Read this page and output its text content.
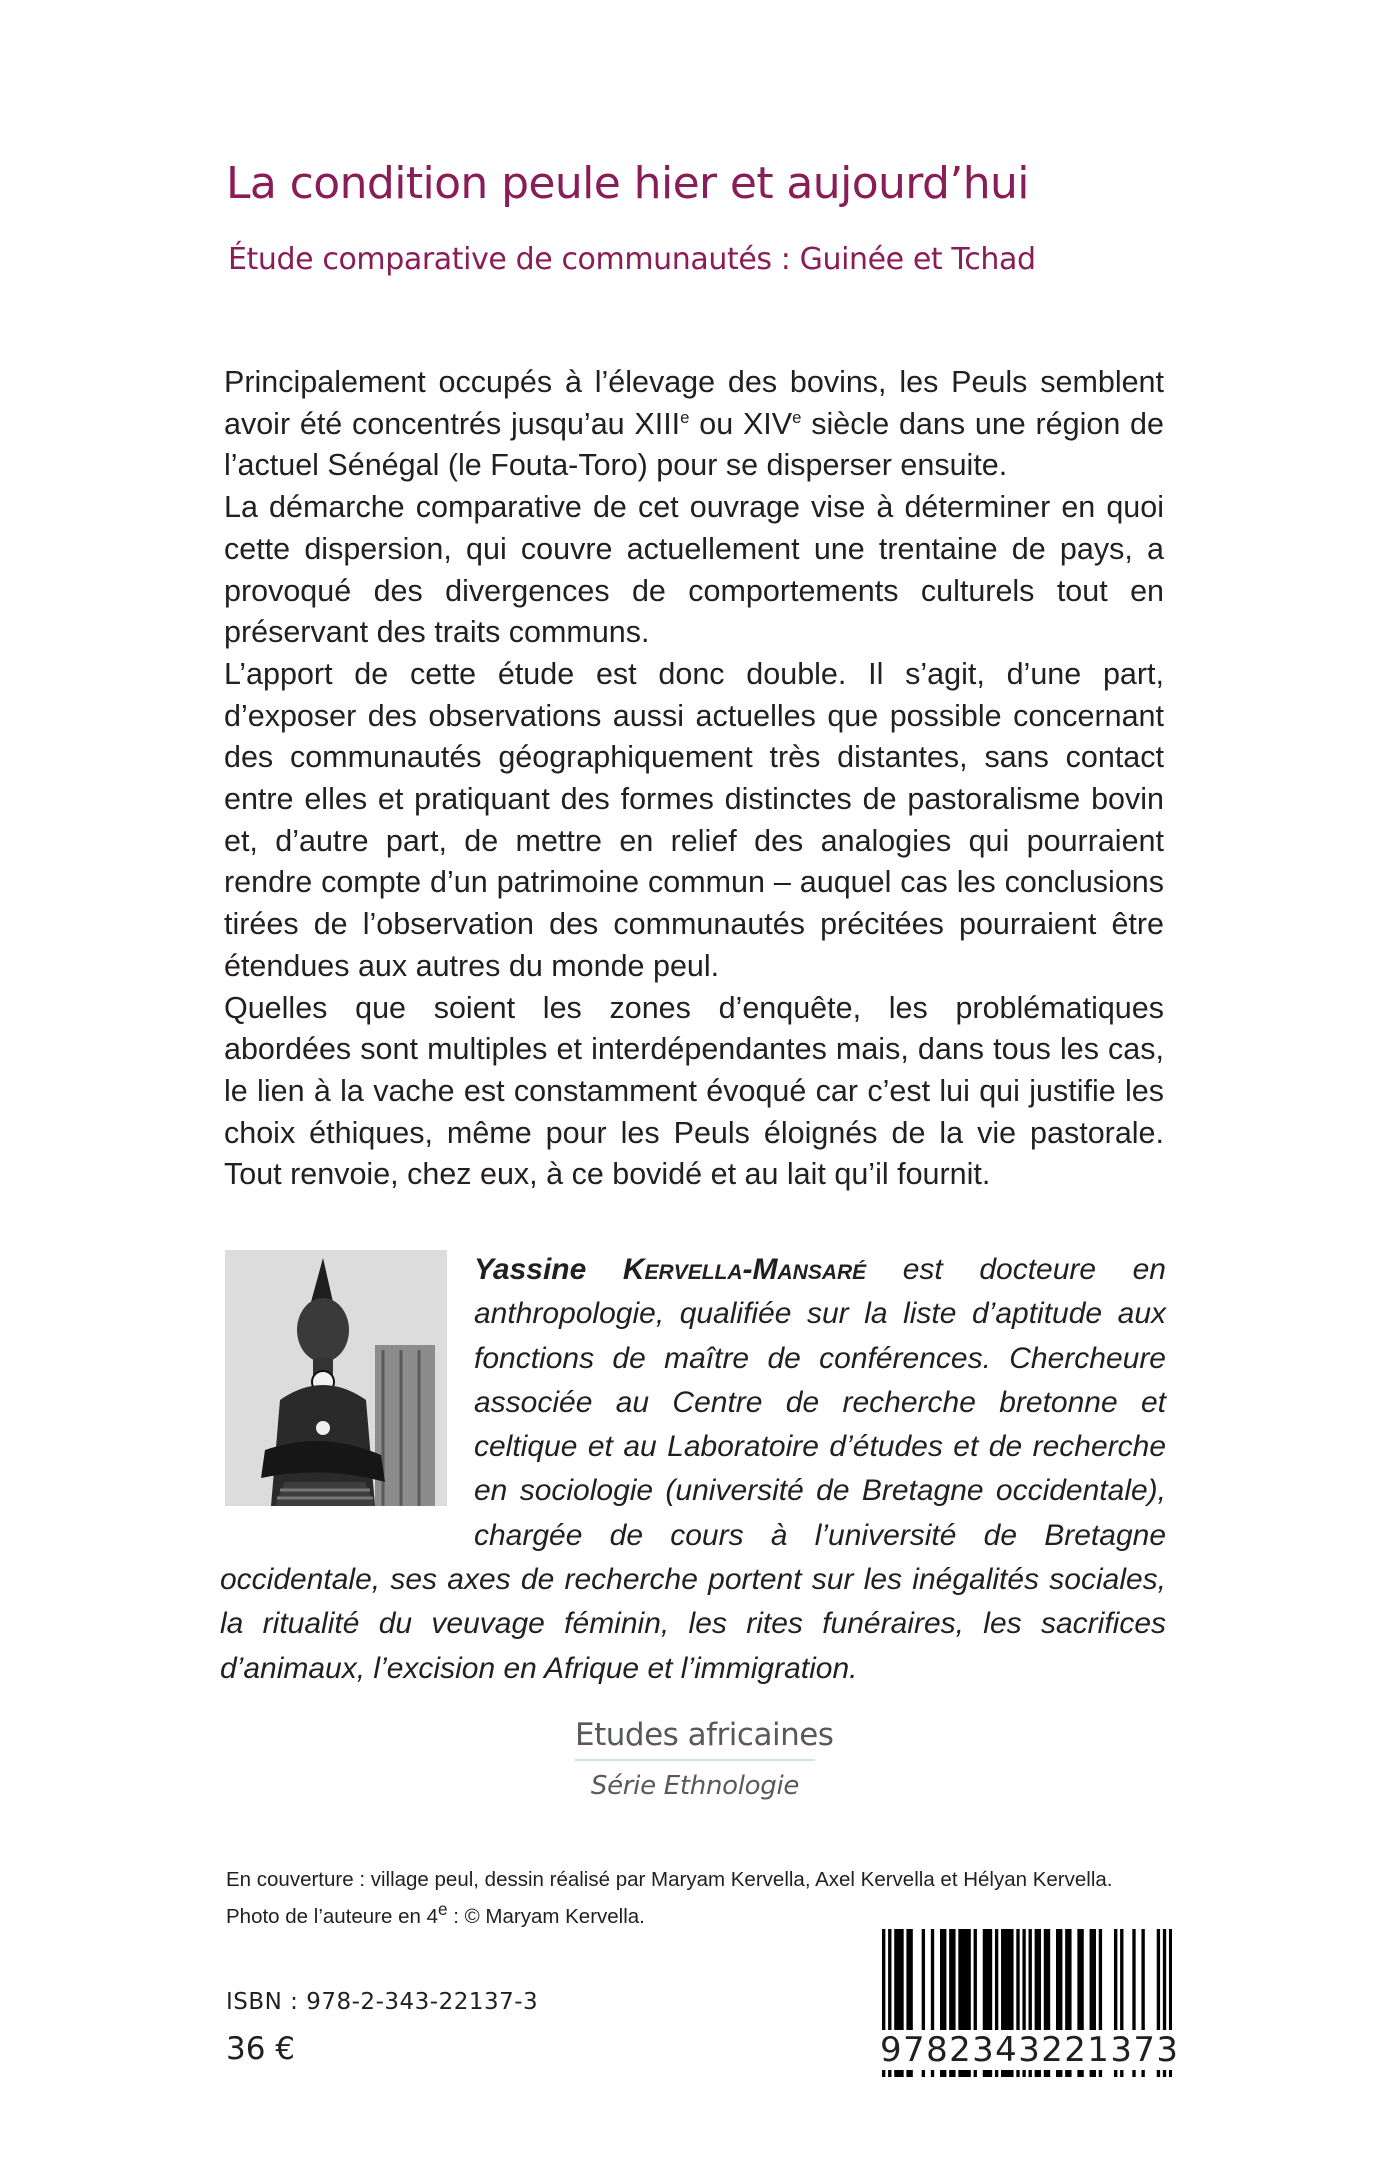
La condition peule hier et aujourd’hui
Étude comparative de communautés : Guinée et Tchad

Principalement occupés à l’élevage des bovins, les Peuls semblent avoir été concentrés jusqu’au XIIIe ou XIVe siècle dans une région de l’actuel Sénégal (le Fouta-Toro) pour se disperser ensuite.

La démarche comparative de cet ouvrage vise à déterminer en quoi cette dispersion, qui couvre actuellement une trentaine de pays, a provoqué des divergences de comportements culturels tout en préservant des traits communs.

L’apport de cette étude est donc double. Il s’agit, d’une part, d’exposer des observations aussi actuelles que possible concernant des communautés géographiquement très distantes, sans contact entre elles et pratiquant des formes distinctes de pastoralisme bovin et, d’autre part, de mettre en relief des analogies qui pourraient rendre compte d’un patrimoine commun – auquel cas les conclusions tirées de l’observation des communautés précitées pourraient être étendues aux autres du monde peul.

Quelles que soient les zones d’enquête, les problématiques abordées sont multiples et interdépendantes mais, dans tous les cas, le lien à la vache est constamment évoqué car c’est lui qui justifie les choix éthiques, même pour les Peuls éloignés de la vie pastorale. Tout renvoie, chez eux, à ce bovidé et au lait qu’il fournit.

Yassine Kervella-Mansaré est docteure en anthropologie, qualifiée sur la liste d’aptitude aux fonctions de maître de conférences. Chercheure associée au Centre de recherche bretonne et celtique et au Laboratoire d’études et de recherche en sociologie (université de Bretagne occidentale), chargée de cours à l’université de Bretagne occidentale, ses axes de recherche portent sur les inégalités sociales, la ritualité du veuvage féminin, les rites funéraires, les sacrifices d’animaux, l’excision en Afrique et l’immigration.

Etudes africaines
Série Ethnologie
En couverture : village peul, dessin réalisé par Maryam Kervella, Axel Kervella et Hélyan Kervella.
Photo de l’auteure en 4e : © Maryam Kervella.
ISBN : 978-2-343-22137-3
36 €	9782343221373
